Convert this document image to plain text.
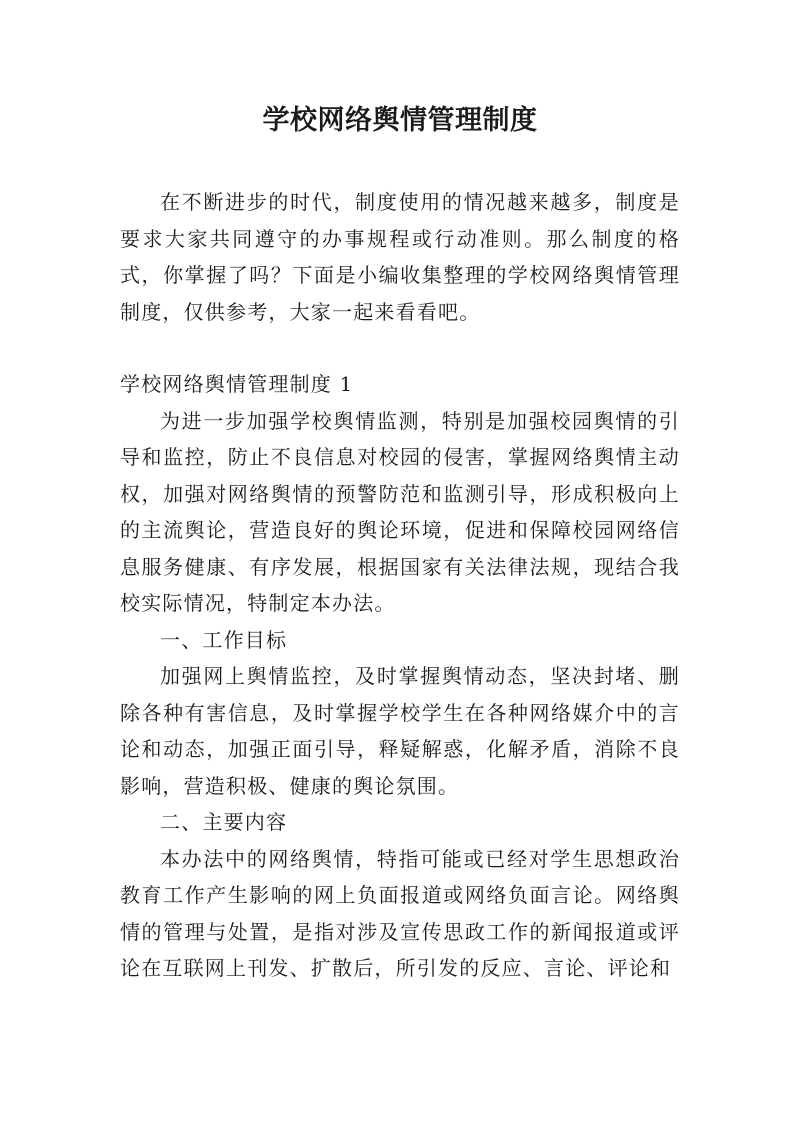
学校网络舆情管理制度

在不断进步的时代，制度使用的情况越来越多，制度是要求大家共同遵守的办事规程或行动准则。那么制度的格式，你掌握了吗？下面是小编收集整理的学校网络舆情管理制度，仅供参考，大家一起来看看吧。

学校网络舆情管理制度 1

为进一步加强学校舆情监测，特别是加强校园舆情的引导和监控，防止不良信息对校园的侵害，掌握网络舆情主动权，加强对网络舆情的预警防范和监测引导，形成积极向上的主流舆论，营造良好的舆论环境，促进和保障校园网络信息服务健康、有序发展，根据国家有关法律法规，现结合我校实际情况，特制定本办法。

一、工作目标

加强网上舆情监控，及时掌握舆情动态，坚决封堵、删除各种有害信息，及时掌握学校学生在各种网络媒介中的言论和动态，加强正面引导，释疑解惑，化解矛盾，消除不良影响，营造积极、健康的舆论氛围。

二、主要内容

本办法中的网络舆情，特指可能或已经对学生思想政治教育工作产生影响的网上负面报道或网络负面言论。网络舆情的管理与处置，是指对涉及宣传思政工作的新闻报道或评论在互联网上刊发、扩散后，所引发的反应、言论、评论和
